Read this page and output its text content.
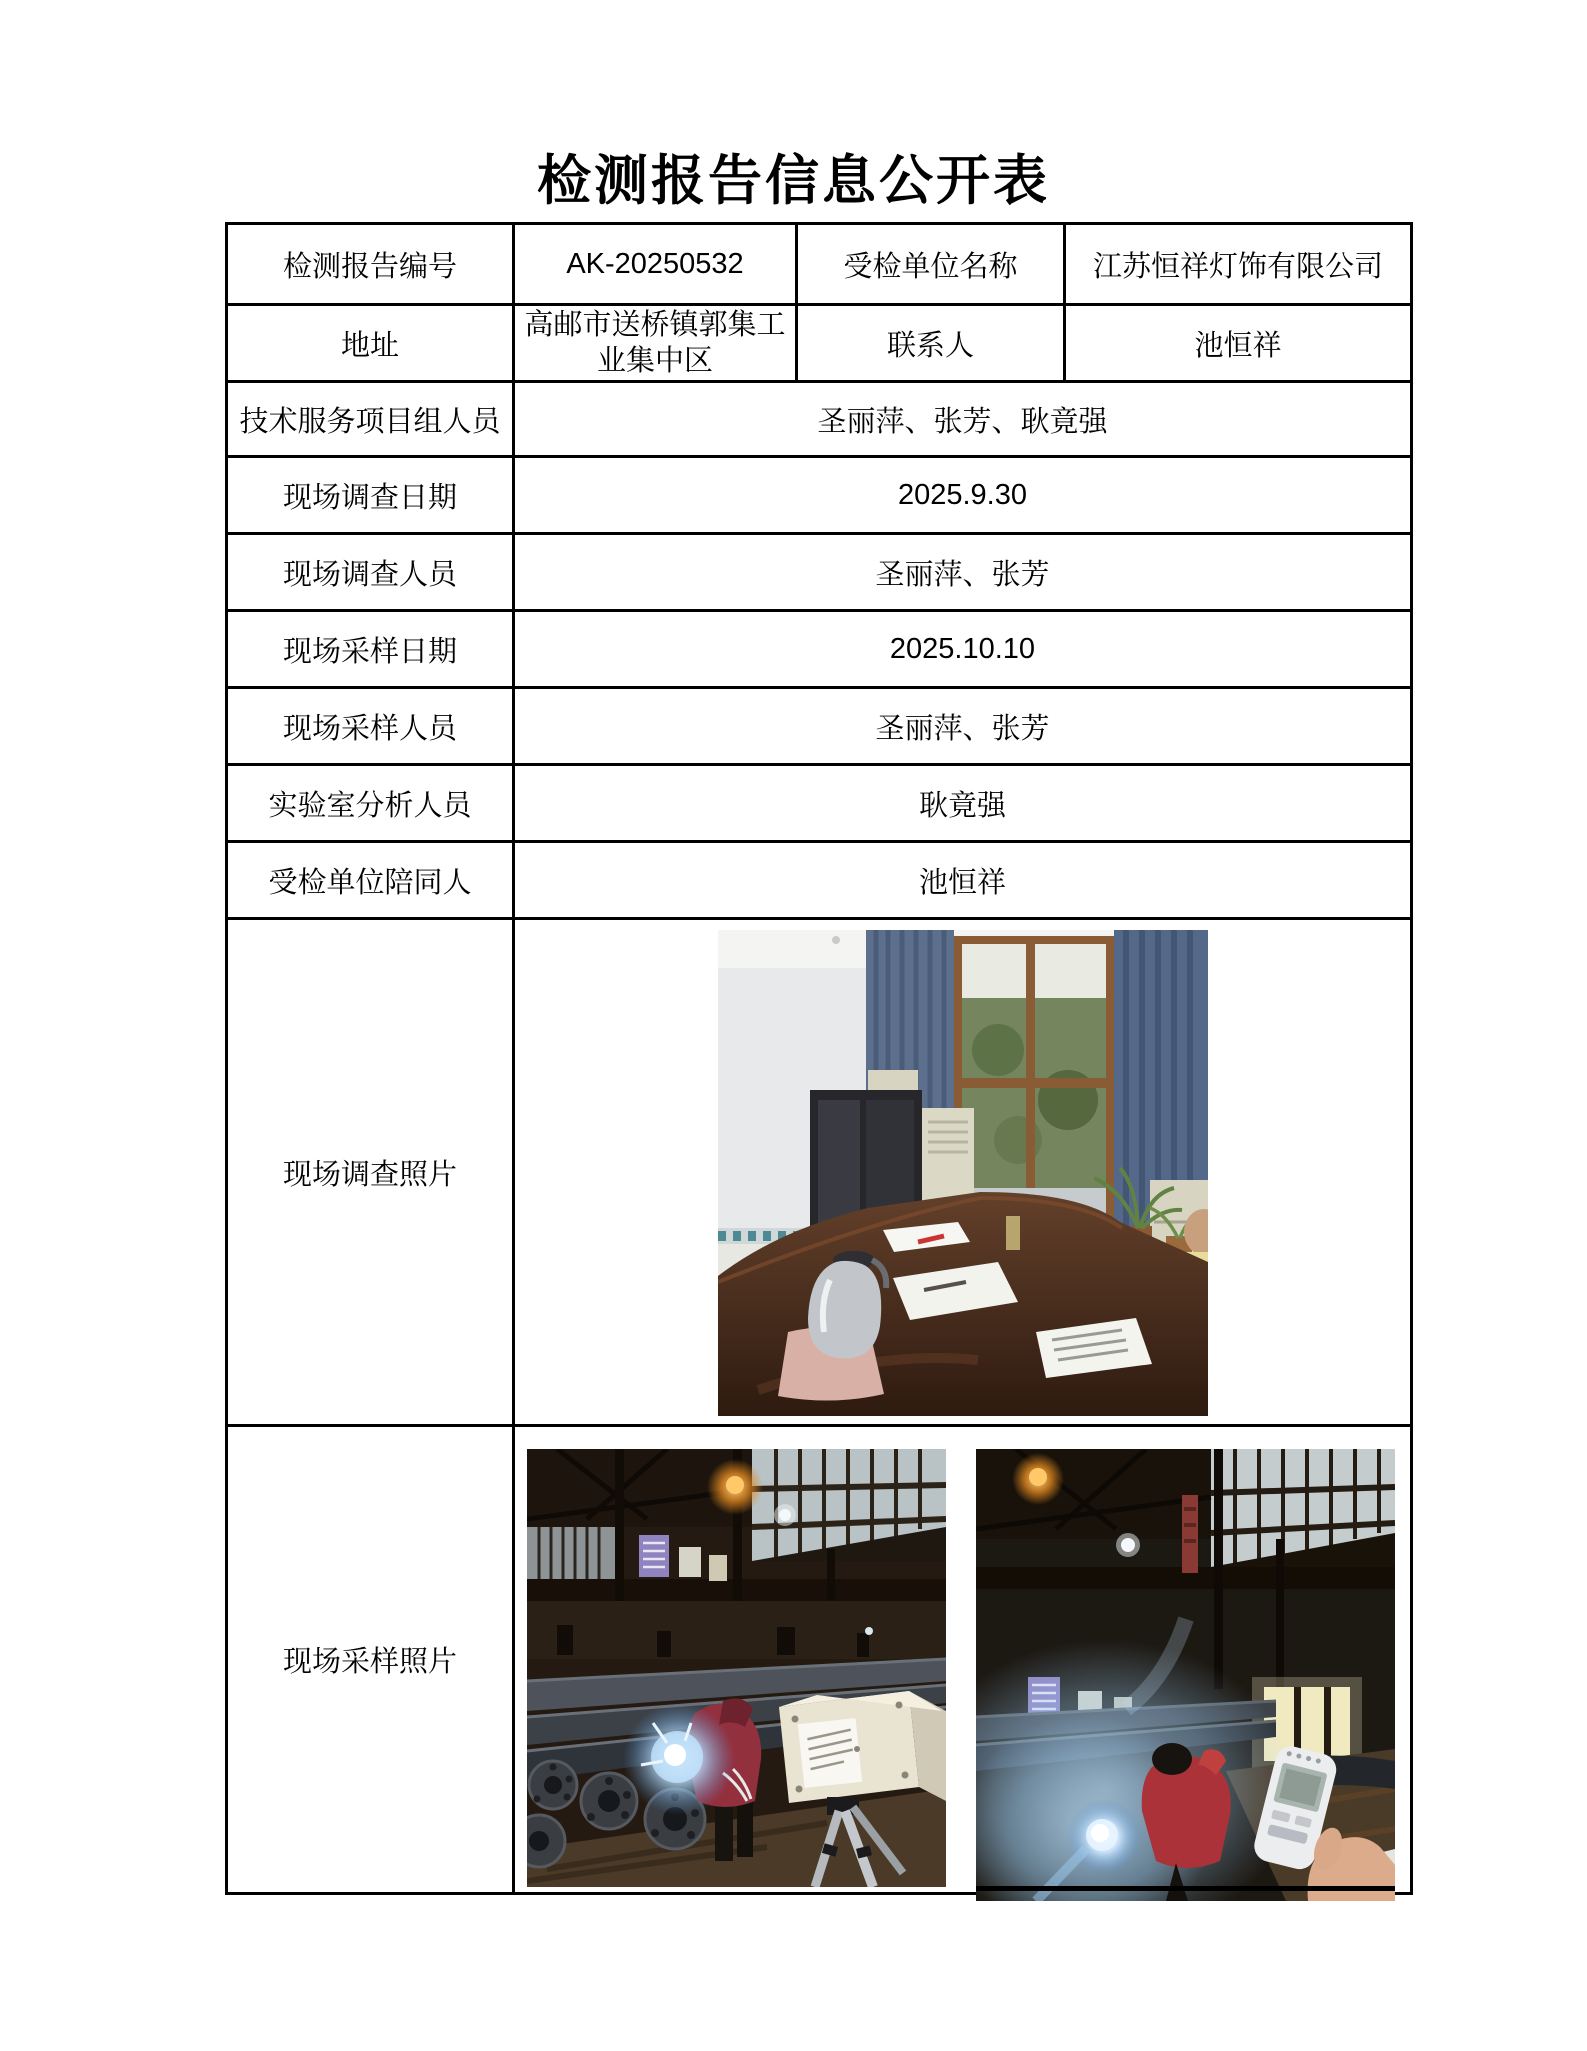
检测报告信息公开表
检测报告编号	AK-20250532	受检单位名称	江苏恒祥灯饰有限公司
地址	高邮市送桥镇郭集工业集中区	联系人	池恒祥
技术服务项目组人员	圣丽萍、张芳、耿竟强		
现场调查日期	2025.9.30		
现场调查人员	圣丽萍、张芳		
现场采样日期	2025.10.10		
现场采样人员	圣丽萍、张芳		
实验室分析人员	耿竟强		
受检单位陪同人	池恒祥		
现场调查照片	

现场采样照片	
